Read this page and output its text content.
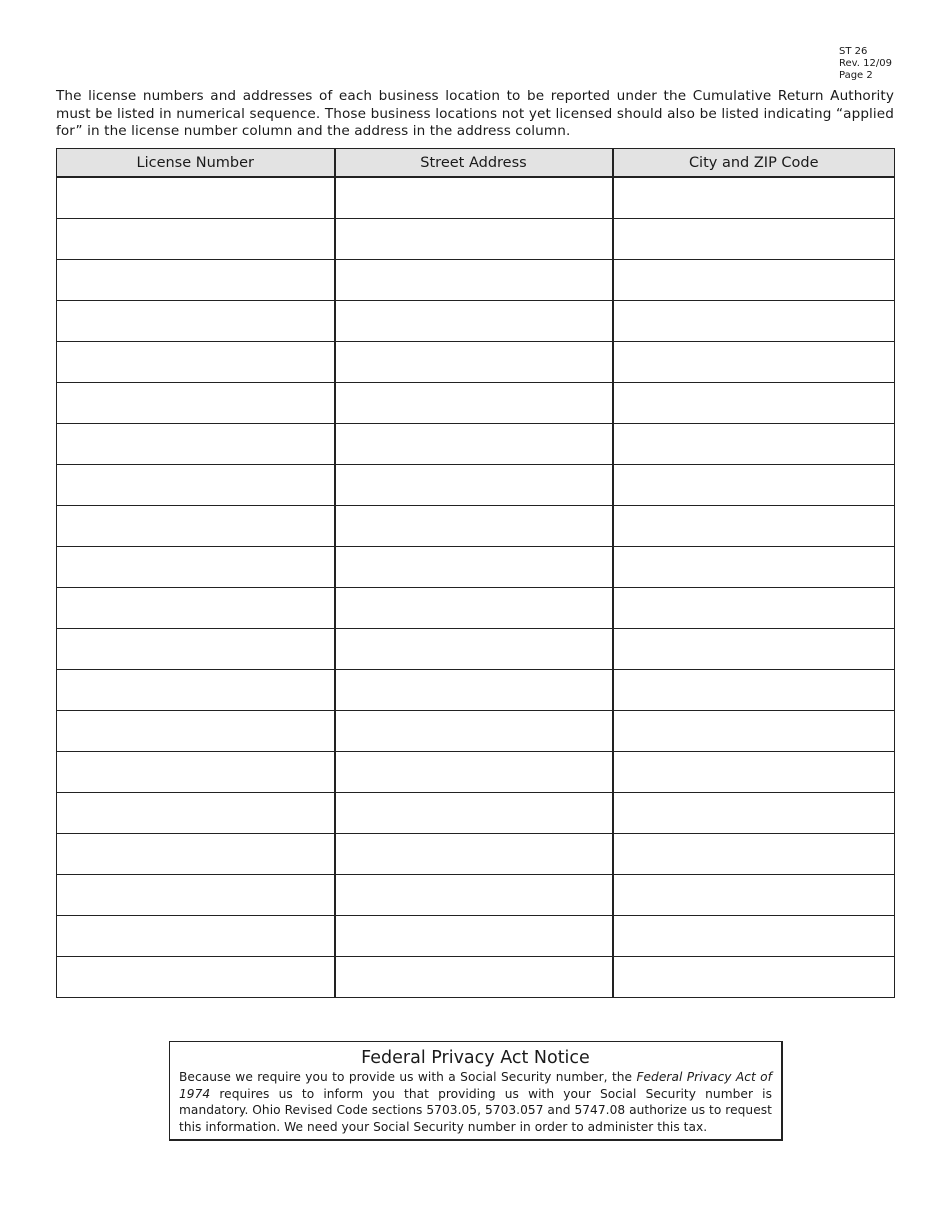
ST 26
Rev. 12/09
Page 2

The license numbers and addresses of each business location to be reported under the Cumulative Return Authority must be listed in numerical sequence. Those business locations not yet licensed should also be listed indicating “applied for” in the license number column and the address in the address column.

License Number	Street Address	City and ZIP Code

Federal Privacy Act Notice
Because we require you to provide us with a Social Security number, the Federal Privacy Act of 1974 requires us to inform you that providing us with your Social Security number is mandatory. Ohio Revised Code sections 5703.05, 5703.057 and 5747.08 authorize us to request this information. We need your Social Security number in order to administer this tax.
